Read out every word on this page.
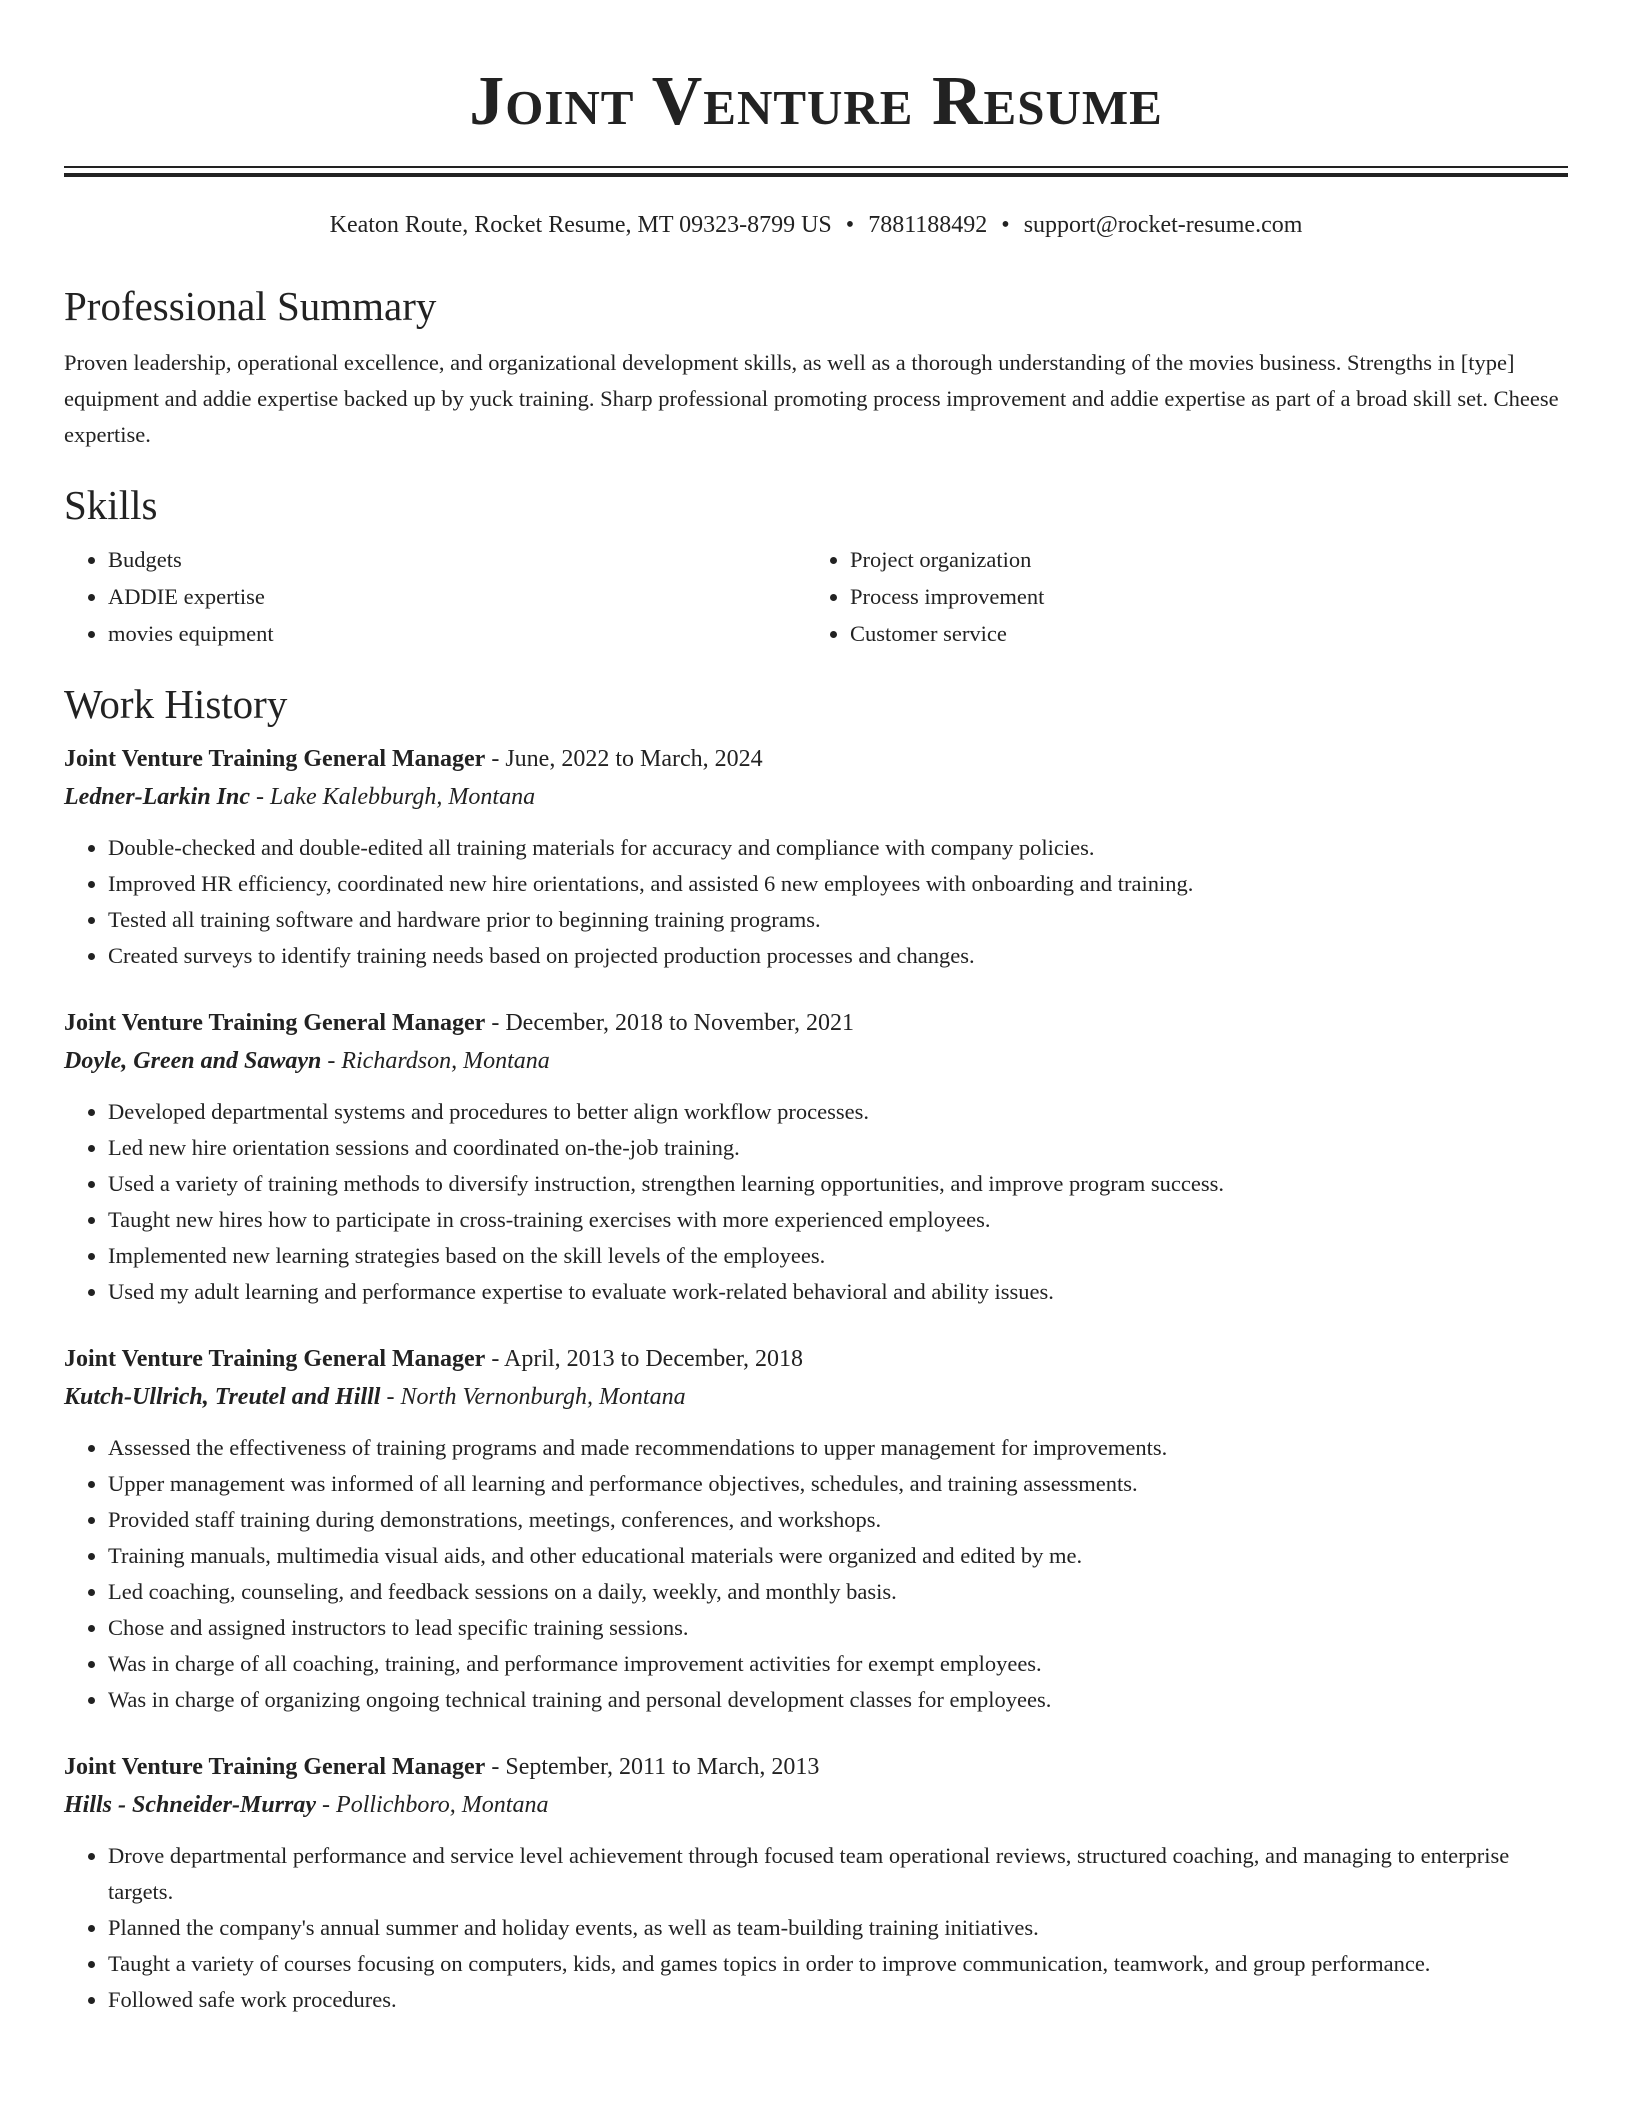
Joint Venture Resume
Keaton Route, Rocket Resume, MT 09323-8799 US • 7881188492 • support@rocket-resume.com
Professional Summary

Proven leadership, operational excellence, and organizational development skills, as well as a thorough understanding of the movies business. Strengths in [type] equipment and addie expertise backed up by yuck training. Sharp professional promoting process improvement and addie expertise as part of a broad skill set. Cheese expertise.

Skills
• Budgets
• ADDIE expertise
• movies equipment
• Project organization
• Process improvement
• Customer service
Work History

Joint Venture Training General Manager - June, 2022 to March, 2024

Ledner-Larkin Inc - Lake Kalebburgh, Montana

• Double-checked and double-edited all training materials for accuracy and compliance with company policies.
• Improved HR efficiency, coordinated new hire orientations, and assisted 6 new employees with onboarding and training.
• Tested all training software and hardware prior to beginning training programs.
• Created surveys to identify training needs based on projected production processes and changes.

Joint Venture Training General Manager - December, 2018 to November, 2021

Doyle, Green and Sawayn - Richardson, Montana

• Developed departmental systems and procedures to better align workflow processes.
• Led new hire orientation sessions and coordinated on-the-job training.
• Used a variety of training methods to diversify instruction, strengthen learning opportunities, and improve program success.
• Taught new hires how to participate in cross-training exercises with more experienced employees.
• Implemented new learning strategies based on the skill levels of the employees.
• Used my adult learning and performance expertise to evaluate work-related behavioral and ability issues.

Joint Venture Training General Manager - April, 2013 to December, 2018

Kutch-Ullrich, Treutel and Hilll - North Vernonburgh, Montana

• Assessed the effectiveness of training programs and made recommendations to upper management for improvements.
• Upper management was informed of all learning and performance objectives, schedules, and training assessments.
• Provided staff training during demonstrations, meetings, conferences, and workshops.
• Training manuals, multimedia visual aids, and other educational materials were organized and edited by me.
• Led coaching, counseling, and feedback sessions on a daily, weekly, and monthly basis.
• Chose and assigned instructors to lead specific training sessions.
• Was in charge of all coaching, training, and performance improvement activities for exempt employees.
• Was in charge of organizing ongoing technical training and personal development classes for employees.

Joint Venture Training General Manager - September, 2011 to March, 2013

Hills - Schneider-Murray - Pollichboro, Montana

• Drove departmental performance and service level achievement through focused team operational reviews, structured coaching, and managing to enterprise targets.
• Planned the company's annual summer and holiday events, as well as team-building training initiatives.
• Taught a variety of courses focusing on computers, kids, and games topics in order to improve communication, teamwork, and group performance.
• Followed safe work procedures.
